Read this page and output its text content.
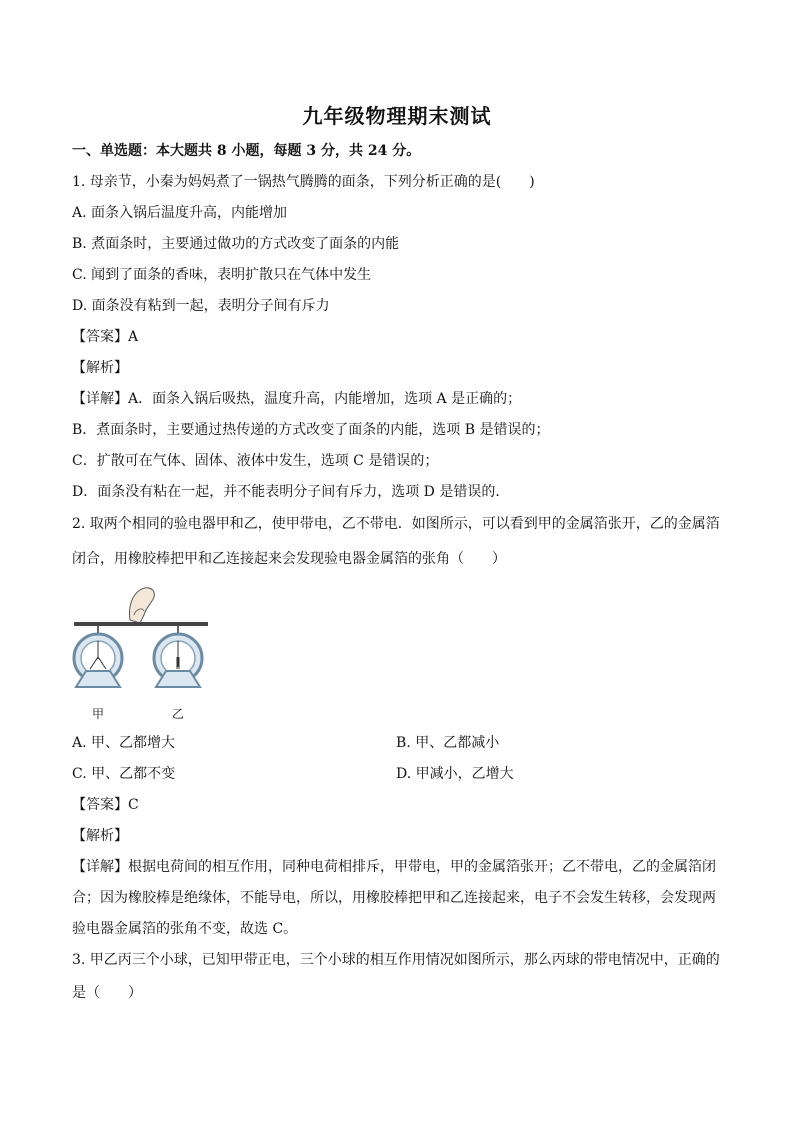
九年级物理期末测试
一、单选题：本大题共 8 小题，每题 3 分，共 24 分。
1. 母亲节，小秦为妈妈煮了一锅热气腾腾的面条，下列分析正确的是(　　)
A. 面条入锅后温度升高，内能增加
B. 煮面条时，主要通过做功的方式改变了面条的内能
C. 闻到了面条的香味，表明扩散只在气体中发生
D. 面条没有粘到一起，表明分子间有斥力
【答案】A
【解析】
【详解】A．面条入锅后吸热，温度升高，内能增加，选项 A 是正确的；
B．煮面条时，主要通过热传递的方式改变了面条的内能，选项 B 是错误的；
C．扩散可在气体、固体、液体中发生，选项 C 是错误的；
D．面条没有粘在一起，并不能表明分子间有斥力，选项 D 是错误的．
2. 取两个相同的验电器甲和乙，使甲带电，乙不带电．如图所示，可以看到甲的金属箔张开，乙的金属箔
闭合，用橡胶棒把甲和乙连接起来会发现验电器金属箔的张角（　　）
甲	乙
A. 甲、乙都增大	B. 甲、乙都减小
C. 甲、乙都不变	D. 甲减小，乙增大
【答案】C
【解析】
【详解】根据电荷间的相互作用，同种电荷相排斥，甲带电，甲的金属箔张开；乙不带电，乙的金属箔闭
合；因为橡胶棒是绝缘体，不能导电，所以，用橡胶棒把甲和乙连接起来，电子不会发生转移，会发现两
验电器金属箔的张角不变，故选 C。
3. 甲乙丙三个小球，已知甲带正电，三个小球的相互作用情况如图所示，那么丙球的带电情况中，正确的
是（　　）
